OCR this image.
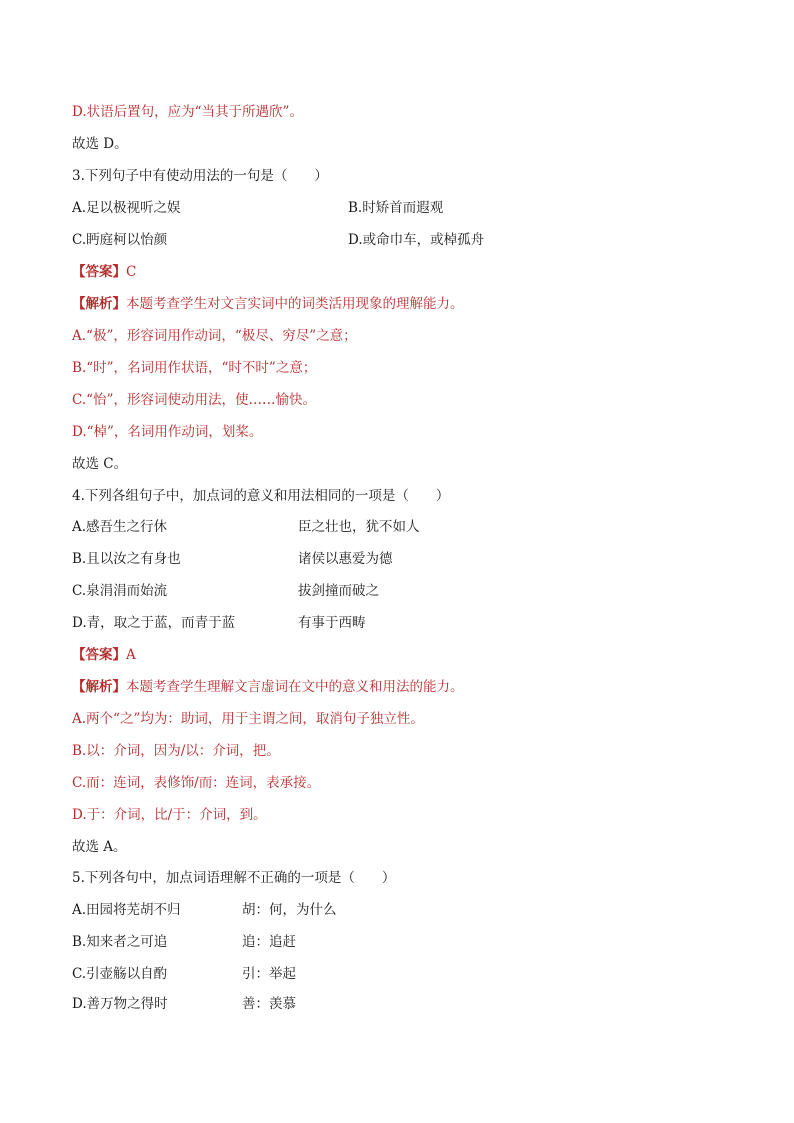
D.状语后置句，应为“当其于所遇欣”。
故选 D。
3.下列句子中有使动用法的一句是（　　）
A.足以极视听之娱	B.时矫首而遐观
C.眄庭柯以怡颜	D.或命巾车，或棹孤舟
【答案】C
【解析】本题考查学生对文言实词中的词类活用现象的理解能力。
A.“极”，形容词用作动词，“极尽、穷尽”之意；
B.“时”，名词用作状语，“时不时”之意；
C.“怡”，形容词使动用法，使……愉快。
D.“棹”，名词用作动词，划桨。
故选 C。
4.下列各组句子中，加点词的意义和用法相同的一项是（　　）
A.感吾生之行休	臣之壮也，犹不如人
B.且以汝之有身也	诸侯以惠爱为德
C.泉涓涓而始流	拔剑撞而破之
D.青，取之于蓝，而青于蓝	有事于西畴
【答案】A
【解析】本题考查学生理解文言虚词在文中的意义和用法的能力。
A.两个“之”均为：助词，用于主谓之间，取消句子独立性。
B.以：介词，因为/以：介词，把。
C.而：连词，表修饰/而：连词，表承接。
D.于：介词，比/于：介词，到。
故选 A。
5.下列各句中，加点词语理解不正确的一项是（　　）
A.田园将芜胡不归	胡：何，为什么
B.知来者之可追	追：追赶
C.引壶觞以自酌	引：举起
D.善万物之得时	善：羡慕
